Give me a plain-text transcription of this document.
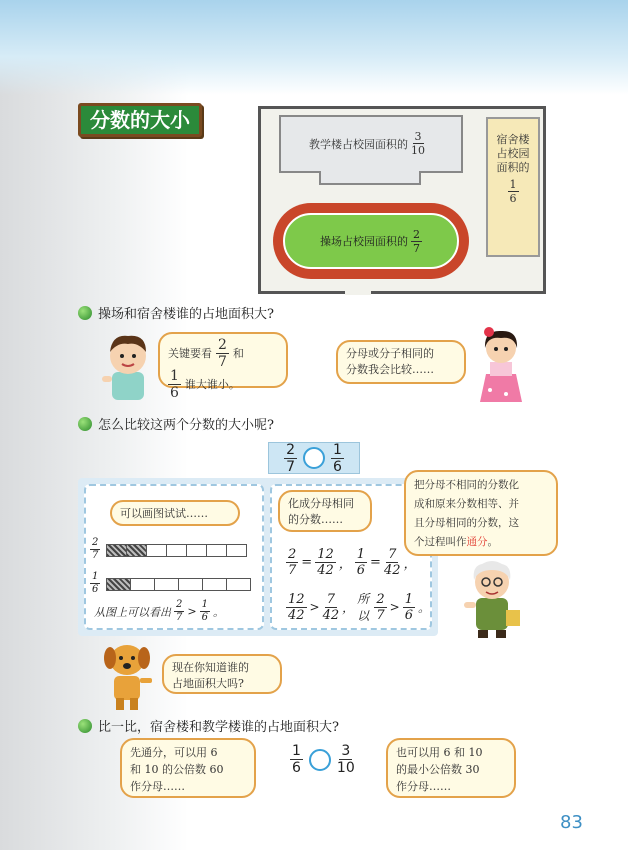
分数的大小
教学楼占校园面积的 $\frac{3}{10}$	宿舍楼
占校园
面积的
$\frac{1}{6}$
操场占校园面积的 $\frac{2}{7}$
操场和宿舍楼谁的占地面积大?
关键要看 $\frac{2}{7}$ 和
$\frac{1}{6}$ 谁大谁小。
分母或分子相同的
分数我会比较……
怎么比较这两个分数的大小呢?
$\frac{2}{7} \frac{1}{6}$
可以画图试试……
$\frac{2}{7}$
$\frac{1}{6}$
从图上可以看出 $\frac{2}{7} > \frac{1}{6}$ 。
化成分母相同
的分数……
$\frac{2}{7} = \frac{12}{42}$ ， $\frac{1}{6} = \frac{7}{42}$ ，
$\frac{12}{42} > \frac{7}{42}$ ，
所以 $\frac{2}{7} > \frac{1}{6}$ 。
把分母不相同的分数化
成和原来分数相等、并
且分母相同的分数，这
个过程叫作通分。
现在你知道谁的
占地面积大吗?
比一比，宿舍楼和教学楼谁的占地面积大?
先通分，可以用 6
和 10 的公倍数 60
作分母……
$\frac{1}{6} \frac{3}{10}$	也可以用 6 和 10
的最小公倍数 30
作分母……
83
